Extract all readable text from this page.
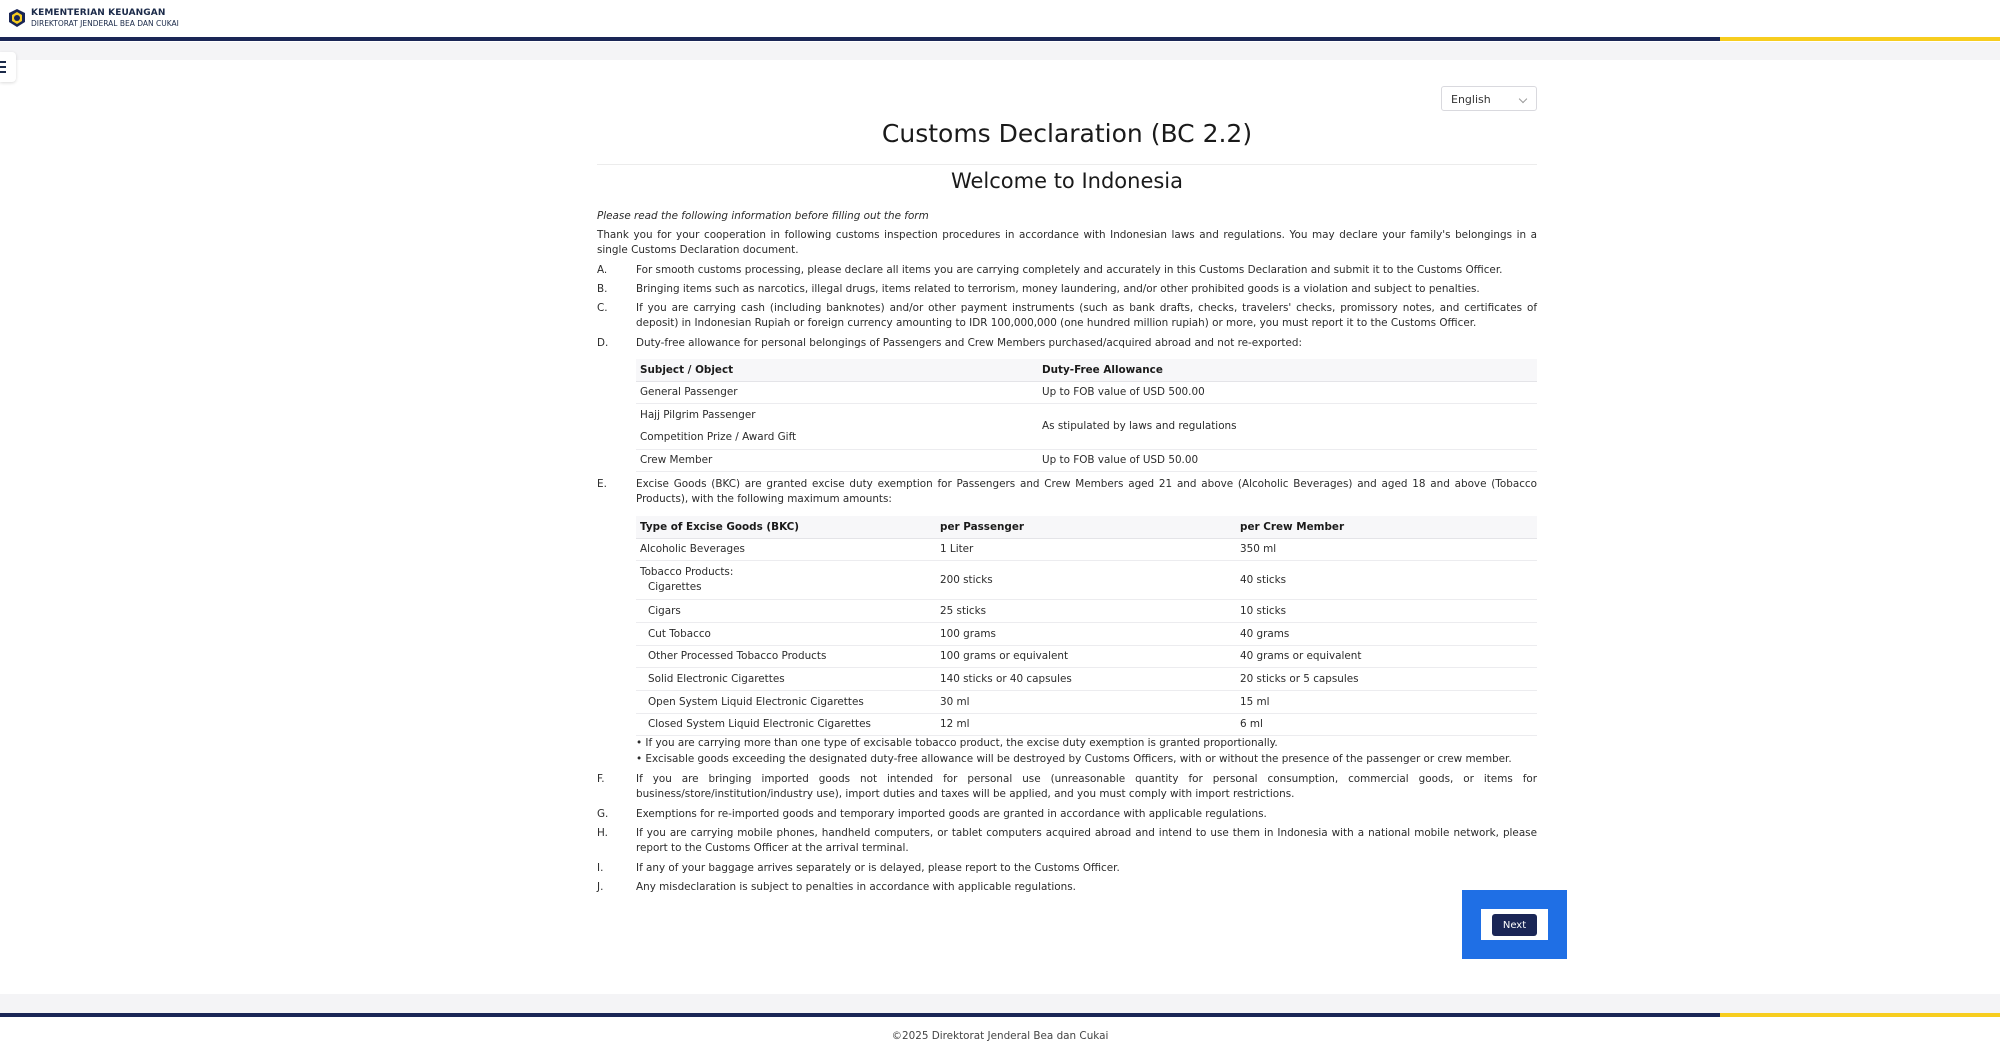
KEMENTERIAN KEUANGAN
DIREKTORAT JENDERAL BEA DAN CUKAI
English
Customs Declaration (BC 2.2)
Welcome to Indonesia
Please read the following information before filling out the form
Thank you for your cooperation in following customs inspection procedures in accordance with Indonesian laws and regulations. You may declare your family's belongings in a single Customs Declaration document.
A.	For smooth customs processing, please declare all items you are carrying completely and accurately in this Customs Declaration and submit it to the Customs Officer.
B.	Bringing items such as narcotics, illegal drugs, items related to terrorism, money laundering, and/or other prohibited goods is a violation and subject to penalties.
C.	If you are carrying cash (including banknotes) and/or other payment instruments (such as bank drafts, checks, travelers' checks, promissory notes, and certificates of deposit) in Indonesian Rupiah or foreign currency amounting to IDR 100,000,000 (one hundred million rupiah) or more, you must report it to the Customs Officer.
D.	Duty-free allowance for personal belongings of Passengers and Crew Members purchased/acquired abroad and not re-exported:
Subject / Object	Duty-Free Allowance
General Passenger	Up to FOB value of USD 500.00
Hajj Pilgrim Passenger	As stipulated by laws and regulations
Competition Prize / Award Gift	
Crew Member	Up to FOB value of USD 50.00
E.	Excise Goods (BKC) are granted excise duty exemption for Passengers and Crew Members aged 21 and above (Alcoholic Beverages) and aged 18 and above (Tobacco Products), with the following maximum amounts:
Type of Excise Goods (BKC)	per Passenger	per Crew Member
Alcoholic Beverages	1 Liter	350 ml

Tobacco Products:
Cigarettes	200 sticks	40 sticks
Cigars	25 sticks	10 sticks
Cut Tobacco	100 grams	40 grams
Other Processed Tobacco Products	100 grams or equivalent	40 grams or equivalent
Solid Electronic Cigarettes	140 sticks or 40 capsules	20 sticks or 5 capsules
Open System Liquid Electronic Cigarettes	30 ml	15 ml
Closed System Liquid Electronic Cigarettes	12 ml	6 ml
• If you are carrying more than one type of excisable tobacco product, the excise duty exemption is granted proportionally.
• Excisable goods exceeding the designated duty-free allowance will be destroyed by Customs Officers, with or without the presence of the passenger or crew member.
F.	If you are bringing imported goods not intended for personal use (unreasonable quantity for personal consumption, commercial goods, or items for business/store/institution/industry use), import duties and taxes will be applied, and you must comply with import restrictions.
G.	Exemptions for re-imported goods and temporary imported goods are granted in accordance with applicable regulations.
H.	If you are carrying mobile phones, handheld computers, or tablet computers acquired abroad and intend to use them in Indonesia with a national mobile network, please report to the Customs Officer at the arrival terminal.
I.	If any of your baggage arrives separately or is delayed, please report to the Customs Officer.
J.	Any misdeclaration is subject to penalties in accordance with applicable regulations.
Next
©2025 Direktorat Jenderal Bea dan Cukai
